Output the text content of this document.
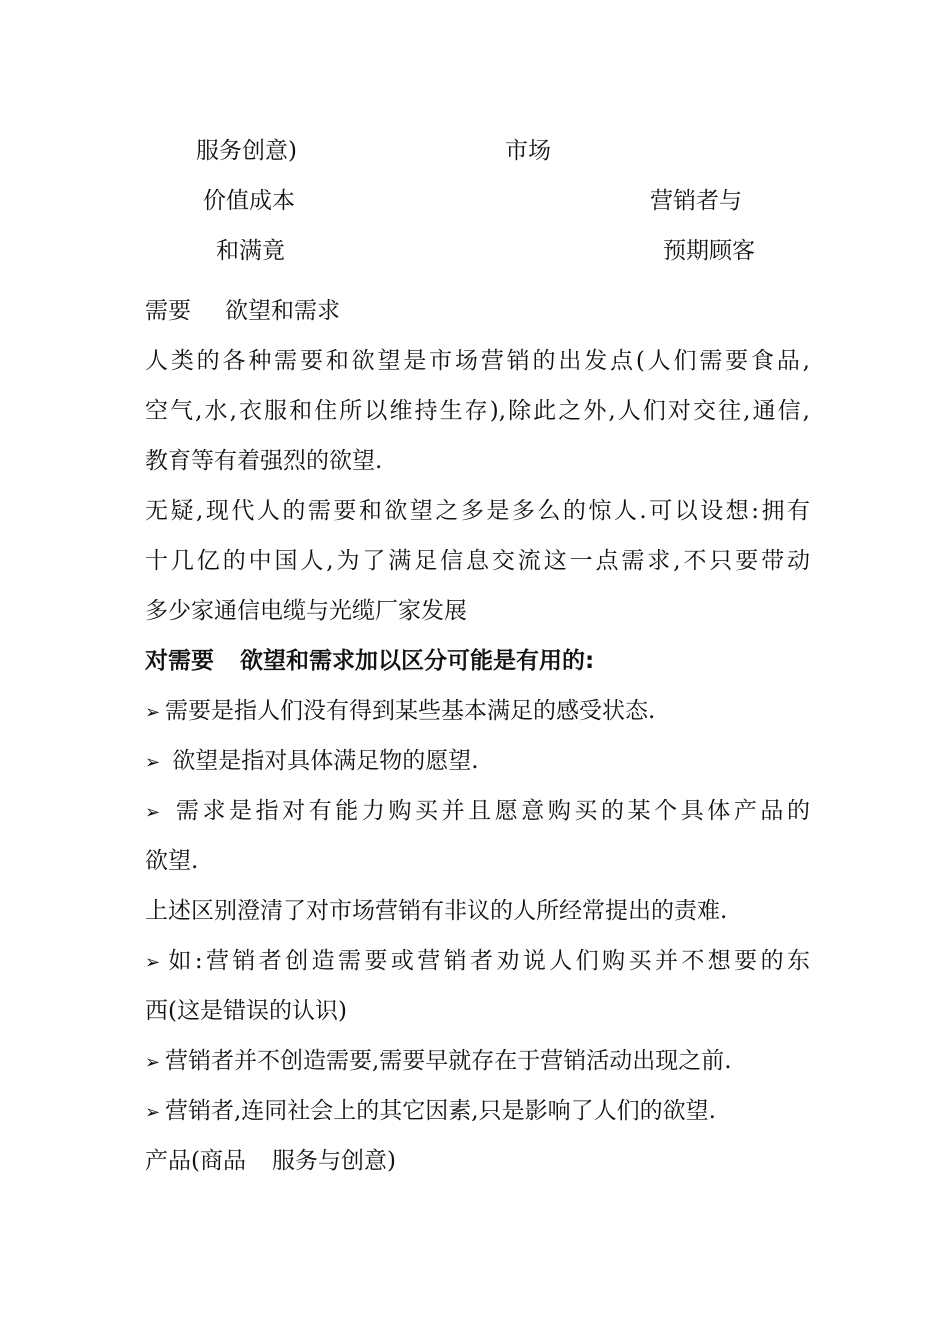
服务创意)	市场
价值成本	营销者与
和满竟	预期顾客
需要 欲望和需求
人类的各种需要和欲望是市场营销的出发点(人们需要食品,
空气,水,衣服和住所以维持生存),除此之外,人们对交往,通信,
教育等有着强烈的欲望.
无疑,现代人的需要和欲望之多是多么的惊人.可以设想:拥有
十几亿的中国人,为了满足信息交流这一点需求,不只要带动
多少家通信电缆与光缆厂家发展
对需要 欲望和需求加以区分可能是有用的:
➢ 需要是指人们没有得到某些基本满足的感受状态.
➢ 欲望是指对具体满足物的愿望.
➢ 需求是指对有能力购买并且愿意购买的某个具体产品的
欲望.
上述区别澄清了对市场营销有非议的人所经常提出的责难.
➢ 如:营销者创造需要或营销者劝说人们购买并不想要的东
西(这是错误的认识)
➢ 营销者并不创造需要,需要早就存在于营销活动出现之前.
➢ 营销者,连同社会上的其它因素,只是影响了人们的欲望.
产品(商品 服务与创意)
